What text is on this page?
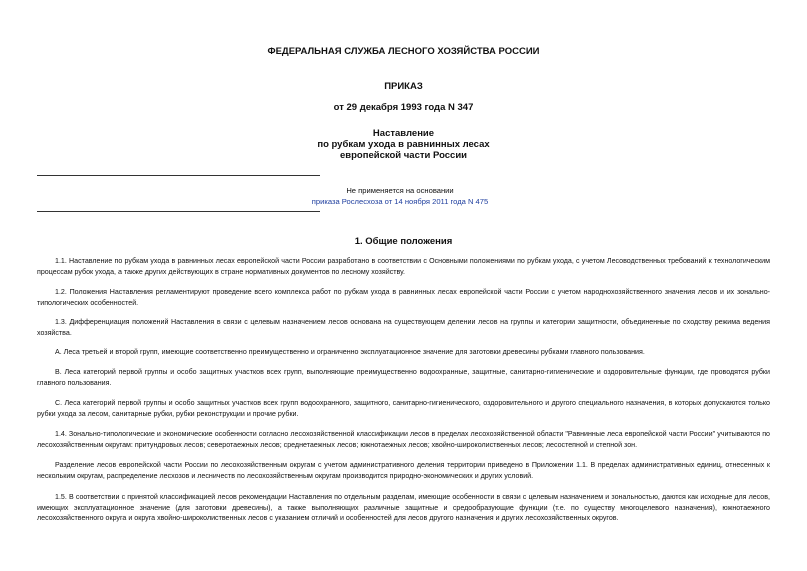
ФЕДЕРАЛЬНАЯ СЛУЖБА ЛЕСНОГО ХОЗЯЙСТВА РОССИИ
ПРИКАЗ
от 29 декабря 1993 года N 347
Наставление
по рубкам ухода в равнинных лесах
европейской части России
Не применяется на основании
приказа Рослесхоза от 14 ноября 2011 года N 475
1. Общие положения

1.1. Наставление по рубкам ухода в равнинных лесах европейской части России разработано в соответствии с Основными положениями по рубкам ухода, с учетом Лесоводственных требований к технологическим процессам рубок ухода, а также других действующих в стране нормативных документов по лесному хозяйству.

1.2. Положения Наставления регламентируют проведение всего комплекса работ по рубкам ухода в равнинных лесах европейской части России с учетом народнохозяйственного значения лесов и их зонально-типологических особенностей.

1.3. Дифференциация положений Наставления в связи с целевым назначением лесов основана на существующем делении лесов на группы и категории защитности, объединенные по сходству режима ведения хозяйства.

А. Леса третьей и второй групп, имеющие соответственно преимущественно и ограниченно эксплуатационное значение для заготовки древесины рубками главного пользования.

В. Леса категорий первой группы и особо защитных участков всех групп, выполняющие преимущественно водоохранные, защитные, санитарно-гигиенические и оздоровительные функции, где проводятся рубки главного пользования.

С. Леса категорий первой группы и особо защитных участков всех групп водоохранного, защитного, санитарно-гигиенического, оздоровительного и другого специального назначения, в которых допускаются только рубки ухода за лесом, санитарные рубки, рубки реконструкции и прочие рубки.

1.4. Зонально-типологические и экономические особенности согласно лесохозяйственной классификации лесов в пределах лесохозяйственной области "Равнинные леса европейской части России" учитываются по лесохозяйственным округам: притундровых лесов; северотаежных лесов; среднетаежных лесов; южнотаежных лесов; хвойно-широколиственных лесов; лесостепной и степной зон.

Разделение лесов европейской части России по лесохозяйственным округам с учетом административного деления территории приведено в Приложении 1.1. В пределах административных единиц, отнесенных к нескольким округам, распределение лесхозов и лесничеств по лесохозяйственным округам производится природно-экономических и других условий.

1.5. В соответствии с принятой классификацией лесов рекомендации Наставления по отдельным разделам, имеющие особенности в связи с целевым назначением и зональностью, даются как исходные для лесов, имеющих эксплуатационное значение (для заготовки древесины), а также выполняющих различные защитные и средообразующие функции (т.е. по существу многоцелевого назначения), южнотаежного лесохозяйственного округа и округа хвойно-широколиственных лесов с указанием отличий и особенностей для лесов другого назначения и других лесохозяйственных округов.
